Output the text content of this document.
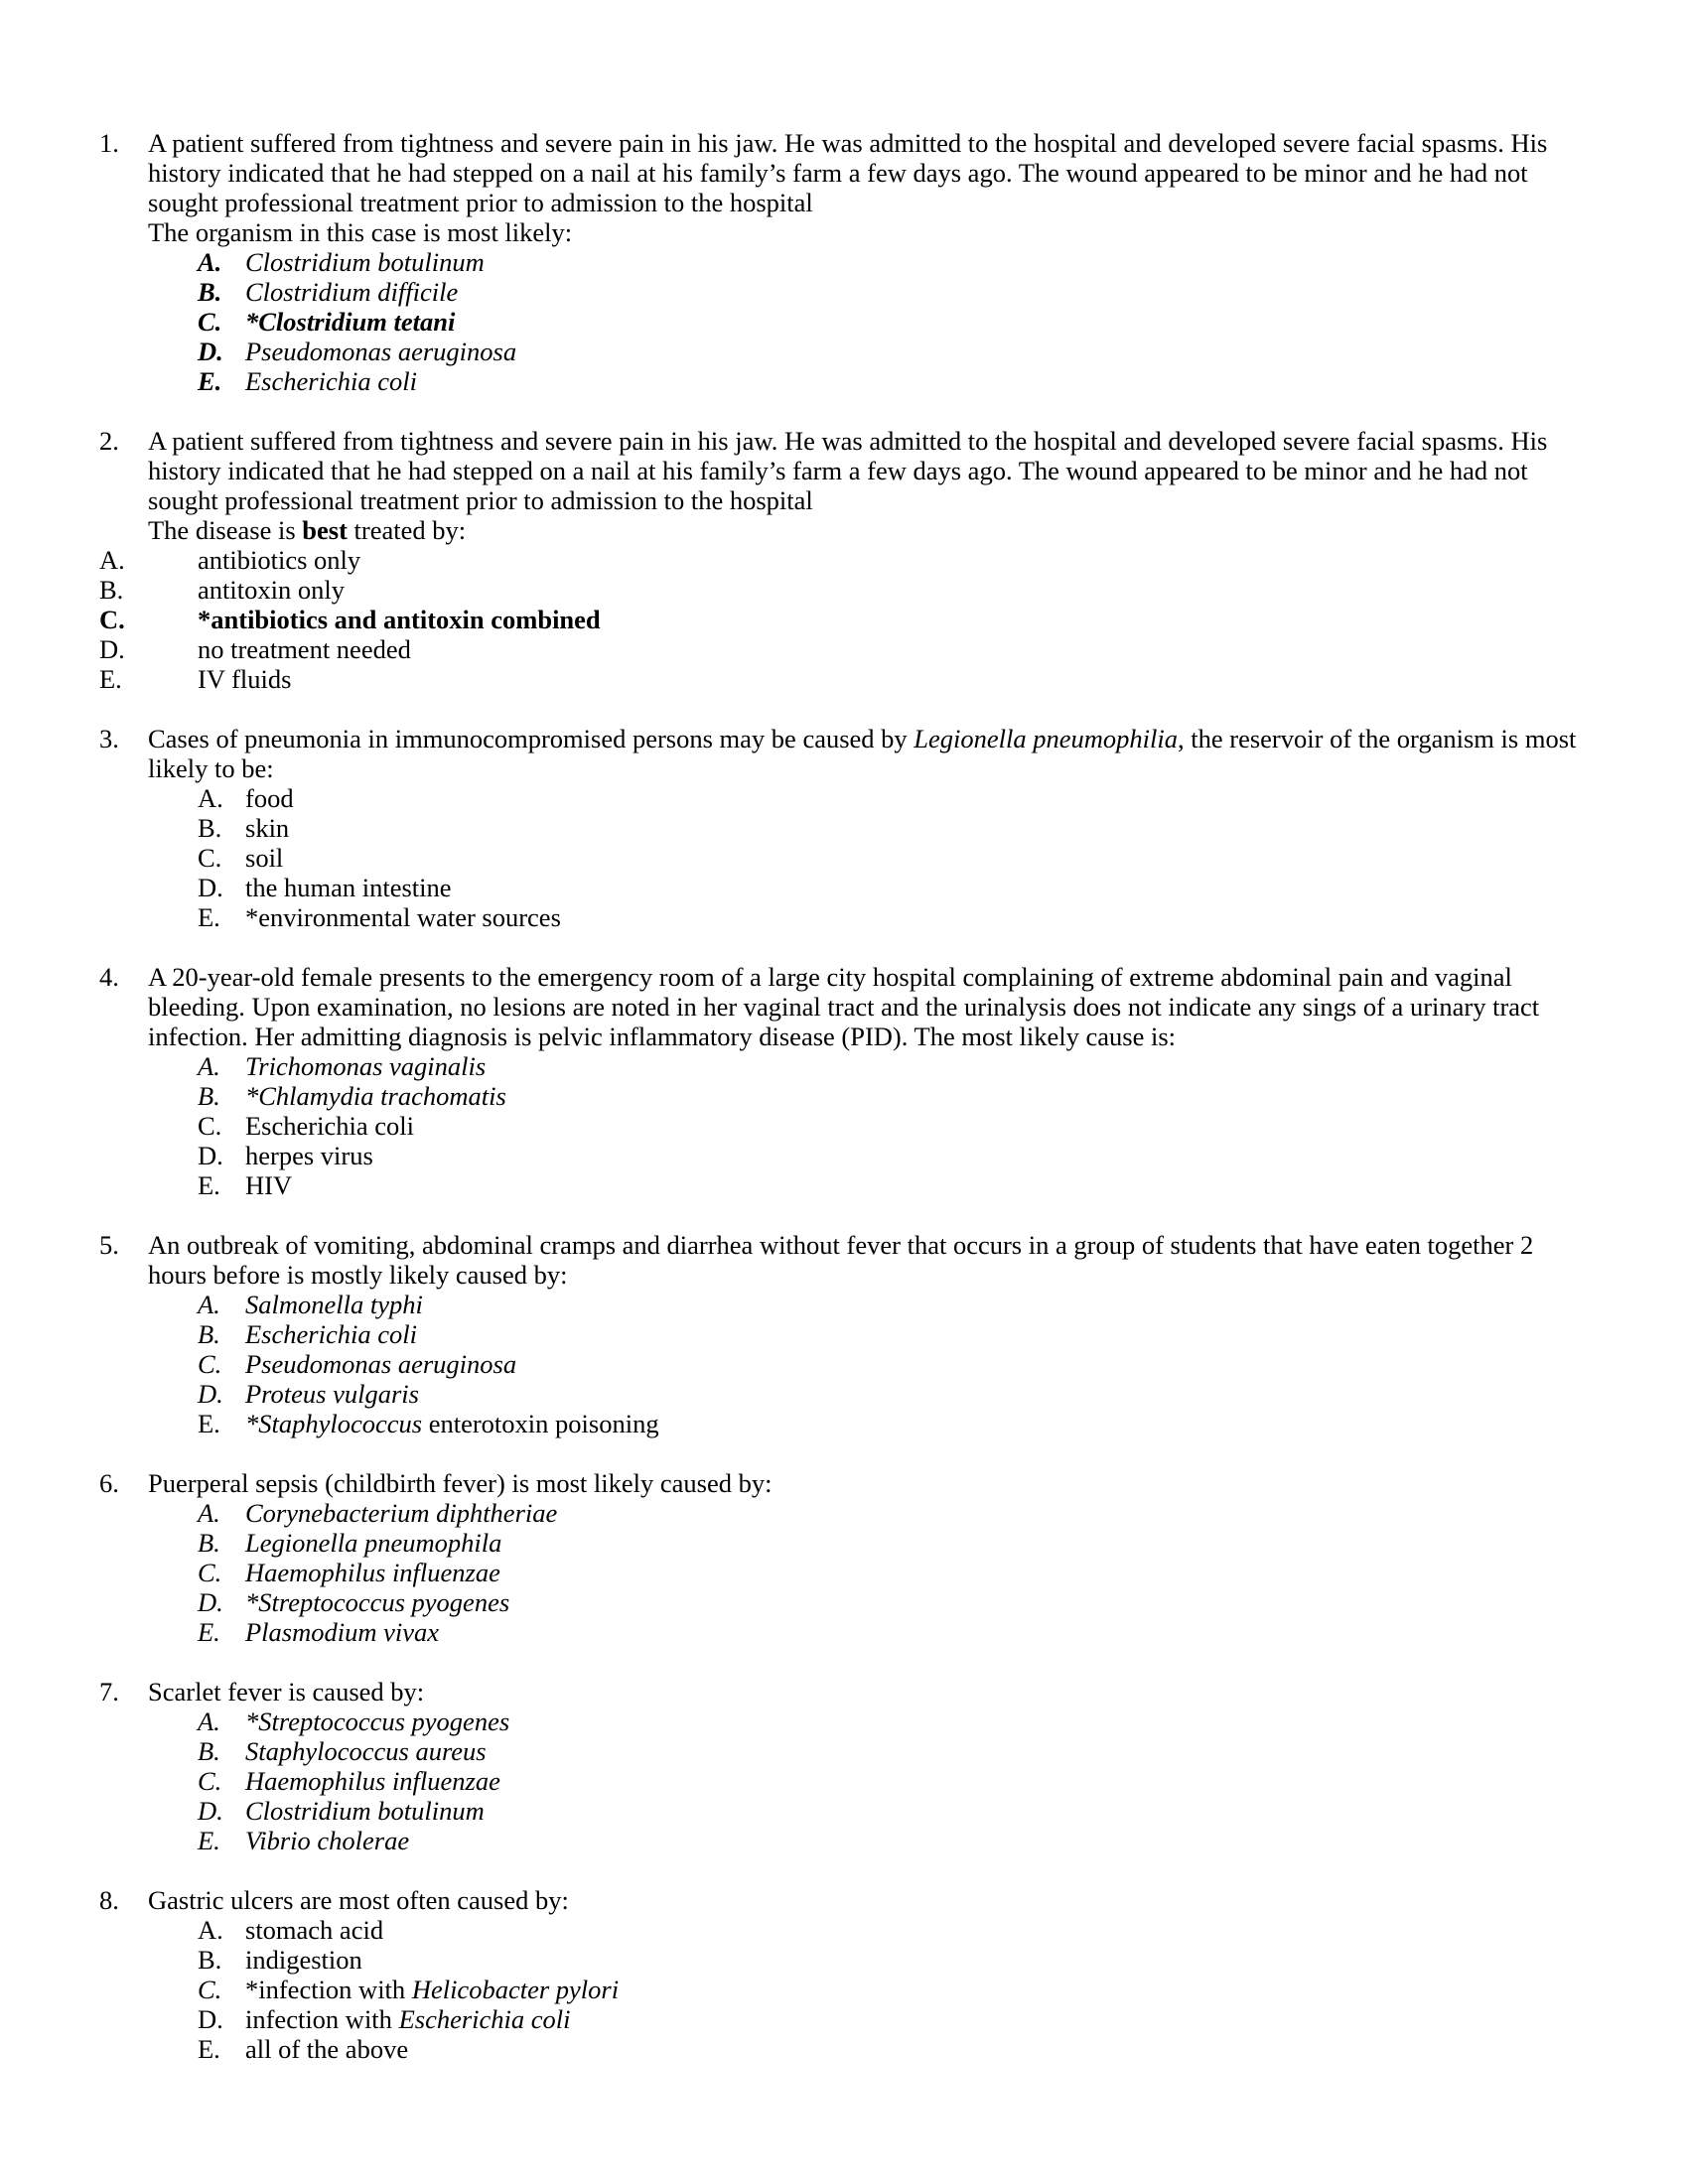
1. A patient suffered from tightness and severe pain in his jaw. He was admitted to the hospital and developed severe facial spasms. His
history indicated that he had stepped on a nail at his family’s farm a few days ago. The wound appeared to be minor and he had not
sought professional treatment prior to admission to the hospital
The organism in this case is most likely:
A. Clostridium botulinum
B. Clostridium difficile
C. *Clostridium tetani
D. Pseudomonas aeruginosa
E. Escherichia coli
2. A patient suffered from tightness and severe pain in his jaw. He was admitted to the hospital and developed severe facial spasms. His
history indicated that he had stepped on a nail at his family’s farm a few days ago. The wound appeared to be minor and he had not
sought professional treatment prior to admission to the hospital
The disease is best treated by:
A.	antibiotics only
B.	antitoxin only
C.	*antibiotics and antitoxin combined
D.	no treatment needed
E.	IV fluids
3. Cases of pneumonia in immunocompromised persons may be caused by Legionella pneumophilia, the reservoir of the organism is most
likely to be:
A. food
B. skin
C. soil
D. the human intestine
E. *environmental water sources
4. A 20-year-old female presents to the emergency room of a large city hospital complaining of extreme abdominal pain and vaginal
bleeding. Upon examination, no lesions are noted in her vaginal tract and the urinalysis does not indicate any sings of a urinary tract
infection. Her admitting diagnosis is pelvic inflammatory disease (PID). The most likely cause is:
A. Trichomonas vaginalis
B. *Chlamydia trachomatis
C. Escherichia coli
D. herpes virus
E. HIV
5. An outbreak of vomiting, abdominal cramps and diarrhea without fever that occurs in a group of students that have eaten together 2
hours before is mostly likely caused by:
A. Salmonella typhi
B. Escherichia coli
C. Pseudomonas aeruginosa
D. Proteus vulgaris
E. *Staphylococcus enterotoxin poisoning
6. Puerperal sepsis (childbirth fever) is most likely caused by:
A. Corynebacterium diphtheriae
B. Legionella pneumophila
C. Haemophilus influenzae
D. *Streptococcus pyogenes
E. Plasmodium vivax
7. Scarlet fever is caused by:
A. *Streptococcus pyogenes
B. Staphylococcus aureus
C. Haemophilus influenzae
D. Clostridium botulinum
E. Vibrio cholerae
8. Gastric ulcers are most often caused by:
A. stomach acid
B. indigestion
C. *infection with Helicobacter pylori
D. infection with Escherichia coli
E. all of the above
